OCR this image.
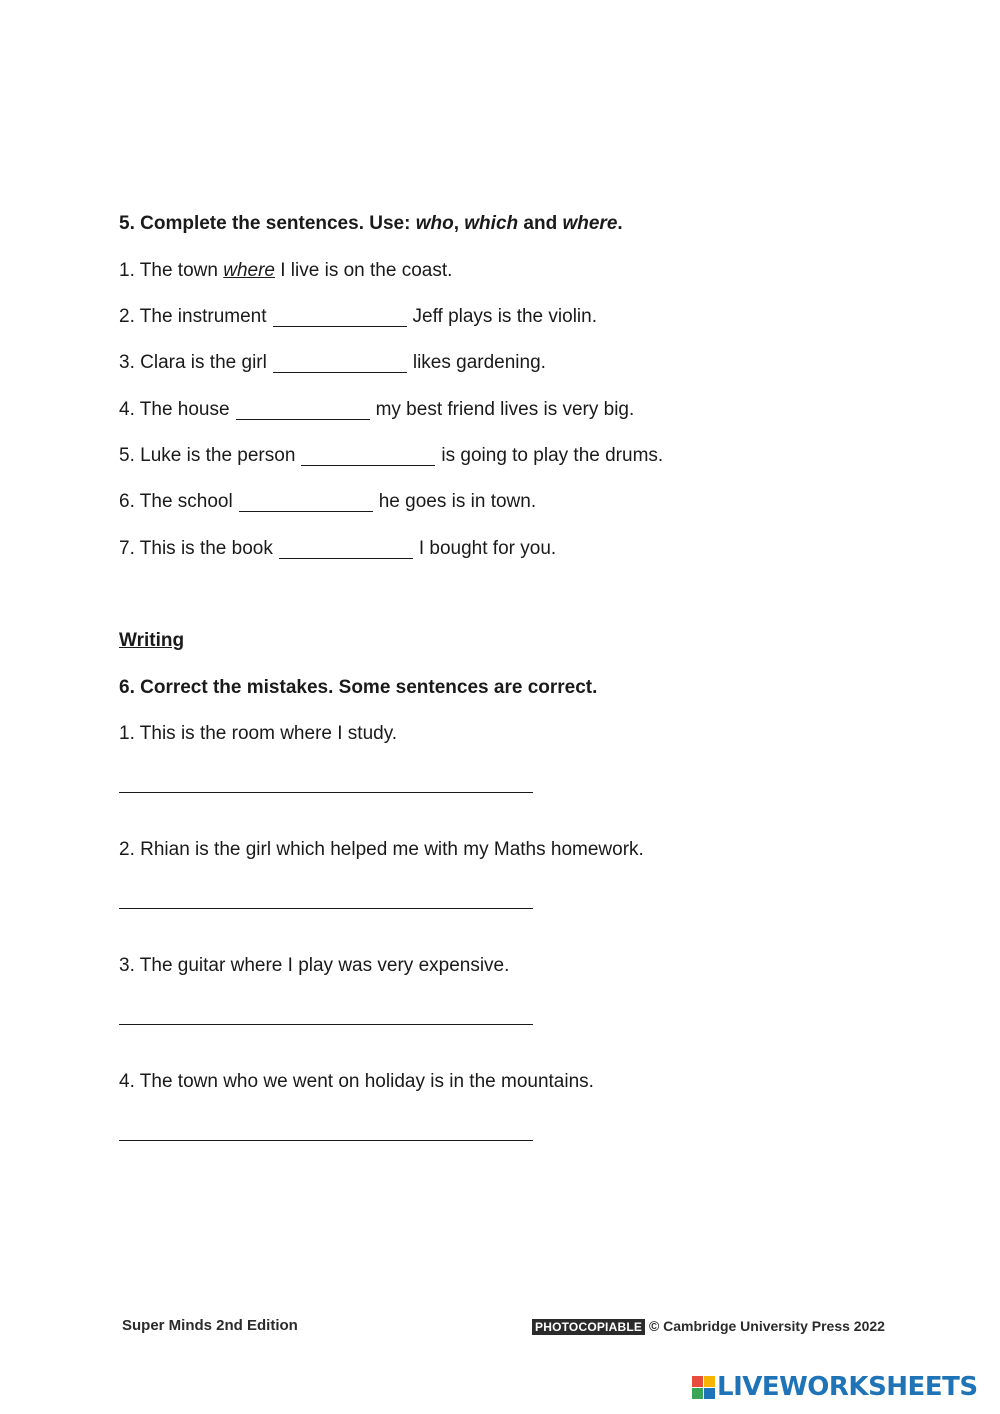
5. Complete the sentences. Use: who, which and where.
1. The town where I live is on the coast.
2. The instrument	Jeff plays is the violin.
3. Clara is the girl	likes gardening.
4. The house	my best friend lives is very big.
5. Luke is the person	is going to play the drums.
6. The school	he goes is in town.
7. This is the book	I bought for you.
Writing
6. Correct the mistakes. Some sentences are correct.
1. This is the room where I study.
2. Rhian is the girl which helped me with my Maths homework.
3. The guitar where I play was very expensive.
4. The town who we went on holiday is in the mountains.
Super Minds 2nd Edition	PHOTOCOPIABLE © Cambridge University Press 2022
LIVEWORKSHEETS
